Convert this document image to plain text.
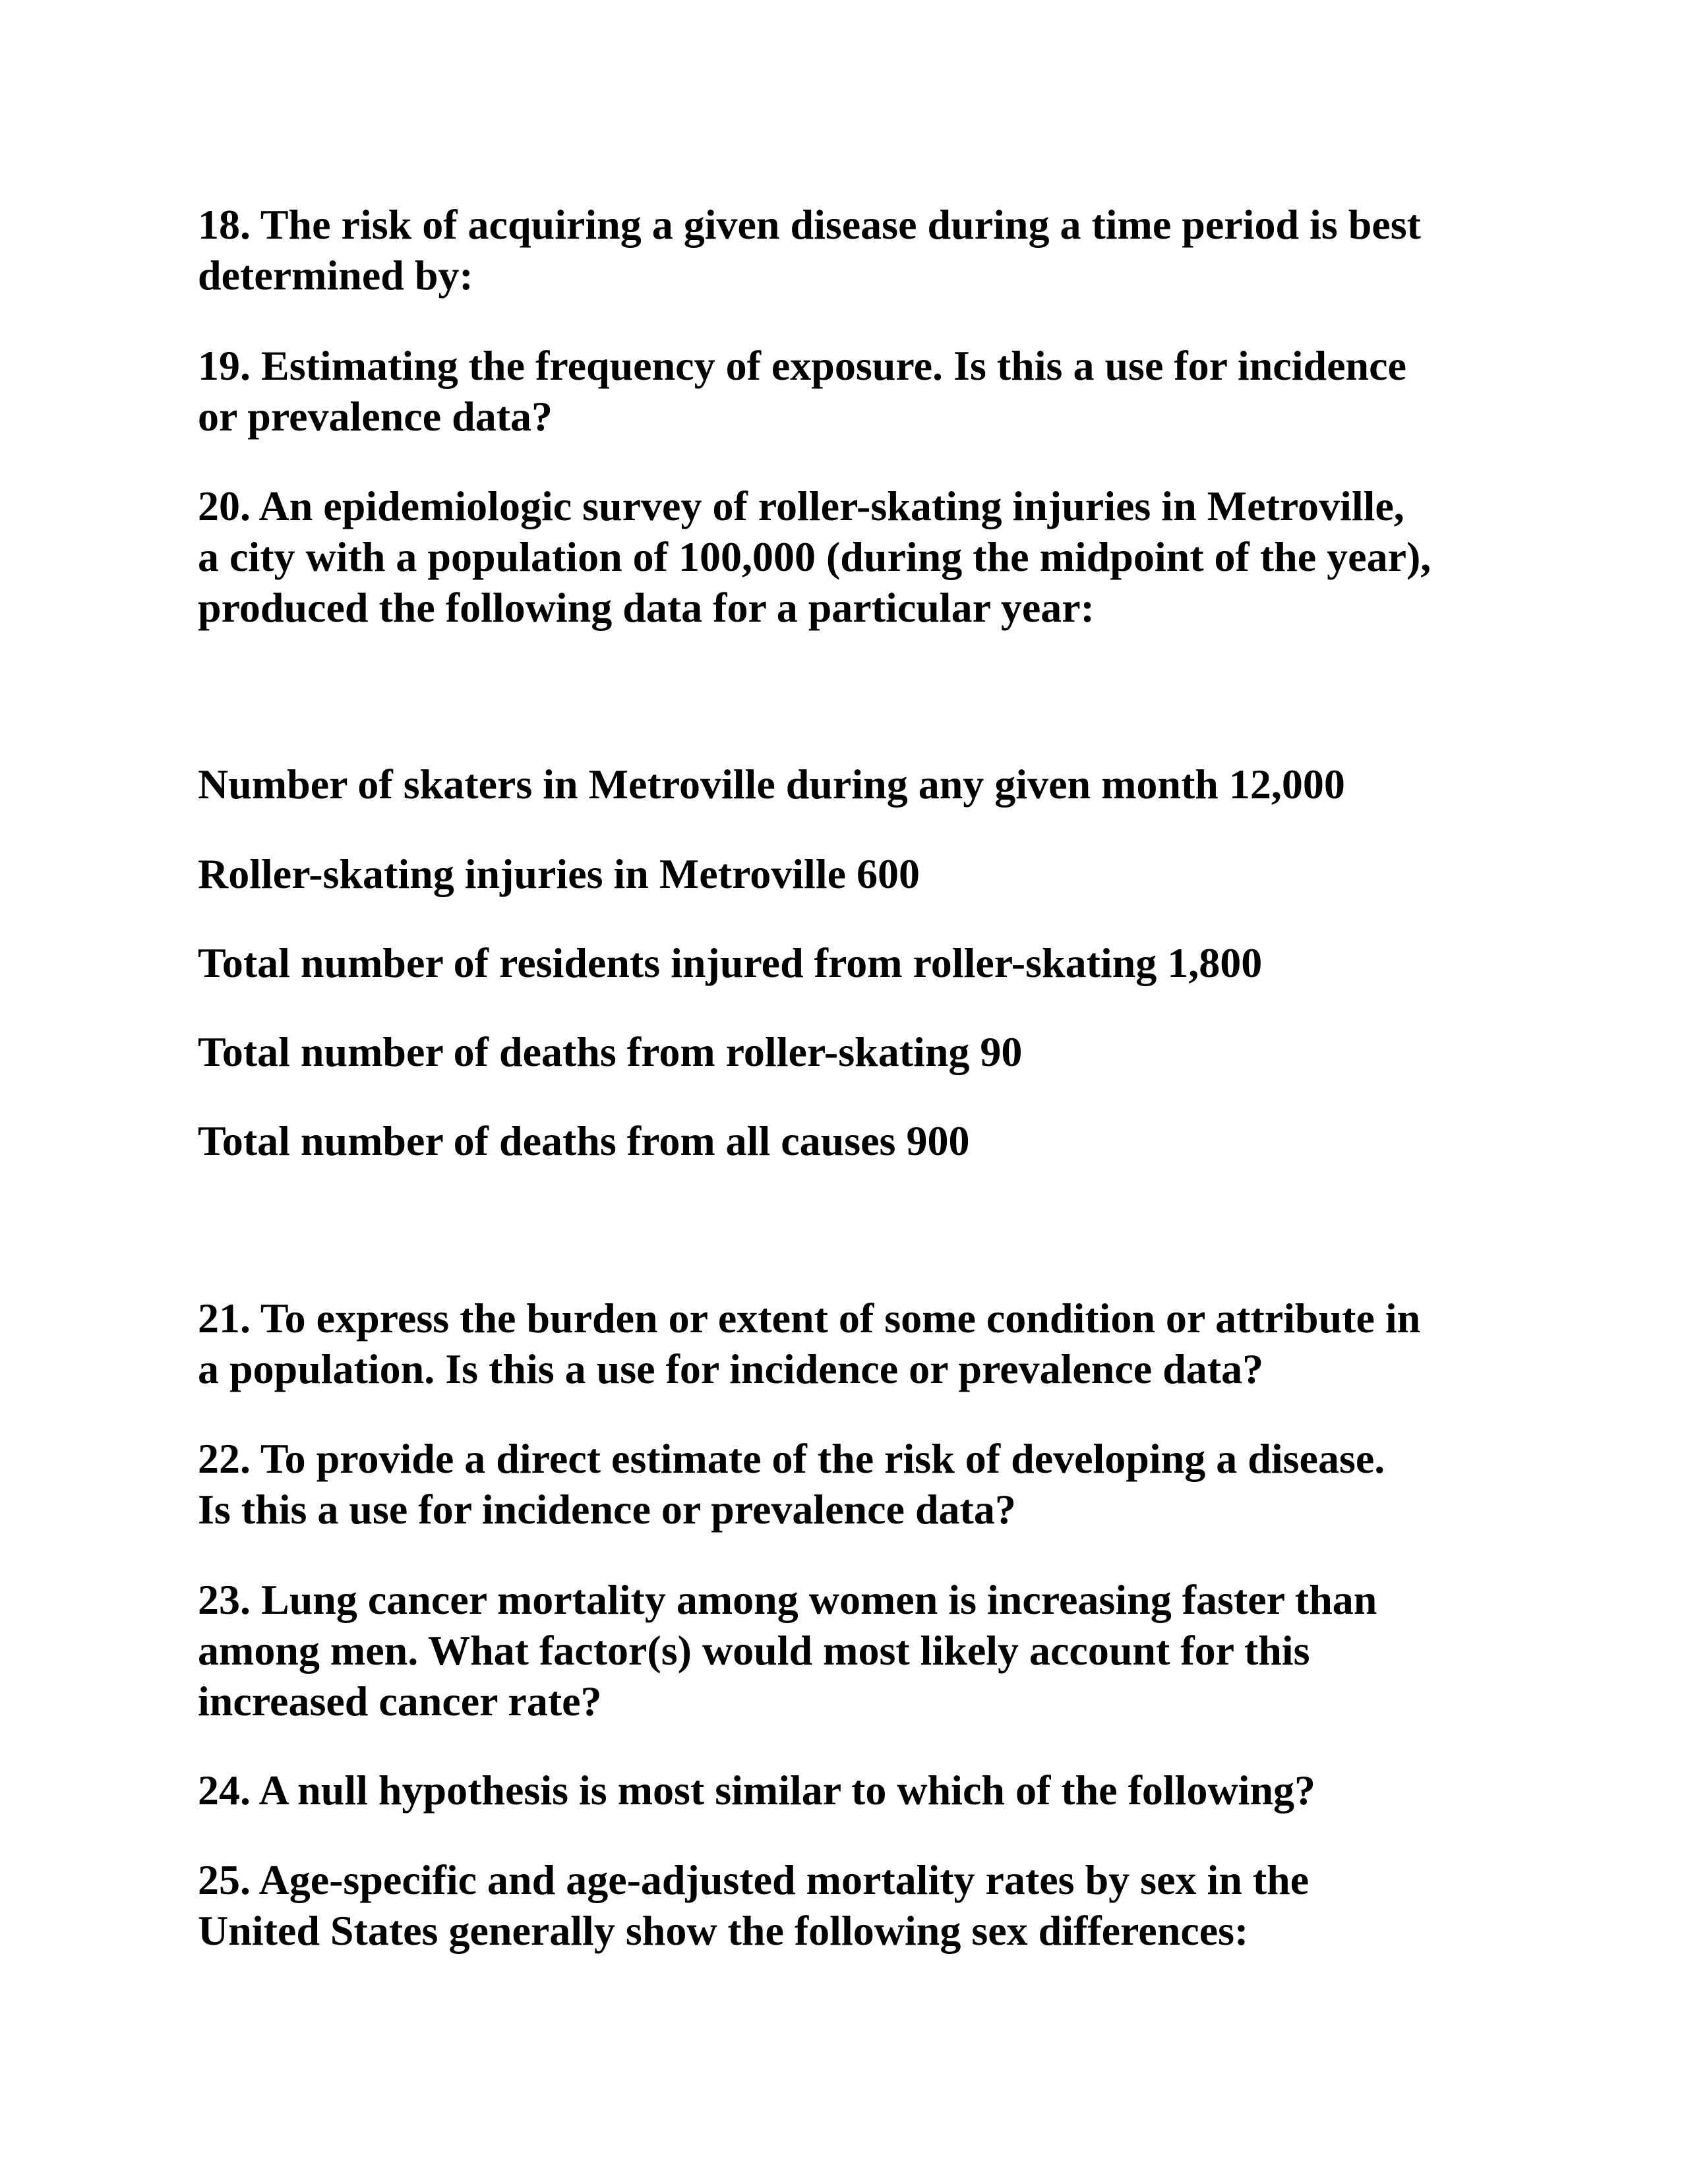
18. The risk of acquiring a given disease during a time period is best
determined by:

19. Estimating the frequency of exposure. Is this a use for incidence
or prevalence data?

20. An epidemiologic survey of roller-skating injuries in Metroville,
a city with a population of 100,000 (during the midpoint of the year),
produced the following data for a particular year:

Number of skaters in Metroville during any given month 12,000

Roller-skating injuries in Metroville 600

Total number of residents injured from roller-skating 1,800

Total number of deaths from roller-skating 90

Total number of deaths from all causes 900

21. To express the burden or extent of some condition or attribute in
a population. Is this a use for incidence or prevalence data?

22. To provide a direct estimate of the risk of developing a disease.
Is this a use for incidence or prevalence data?

23. Lung cancer mortality among women is increasing faster than
among men. What factor(s) would most likely account for this
increased cancer rate?

24. A null hypothesis is most similar to which of the following?

25. Age-specific and age-adjusted mortality rates by sex in the
United States generally show the following sex differences:
